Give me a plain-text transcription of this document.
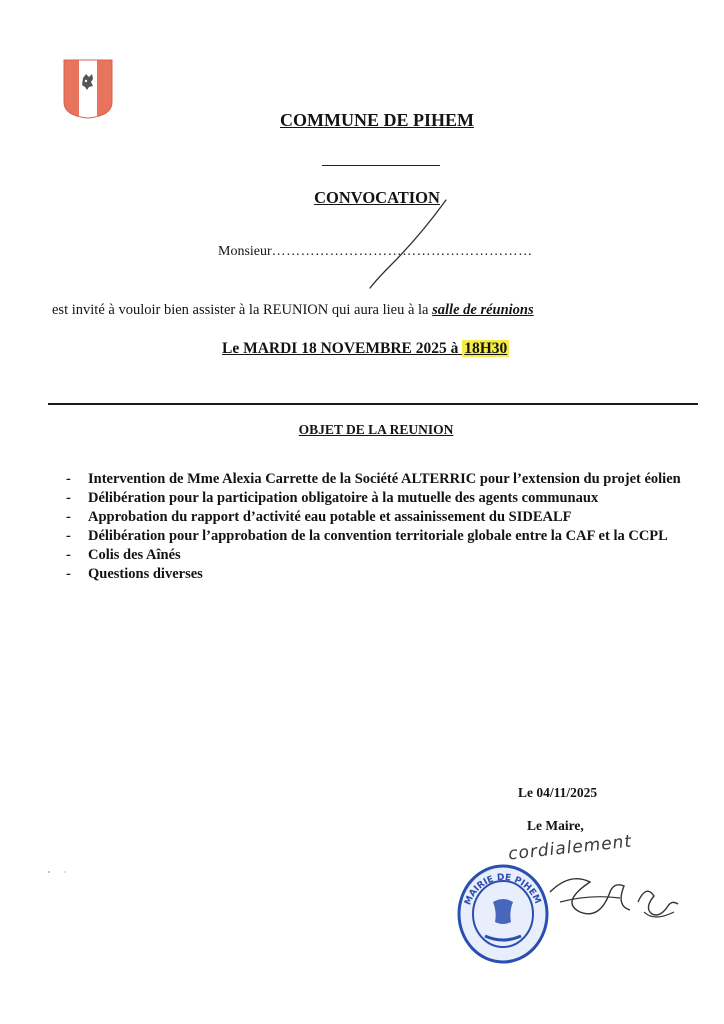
COMMUNE DE PIHEM
CONVOCATION
Monsieur………………………………………………
est invité à vouloir bien assister à la REUNION qui aura lieu à la salle de réunions
Le MARDI 18 NOVEMBRE 2025 à 18H30
OBJET DE LA REUNION
- Intervention de Mme Alexia Carrette de la Société ALTERRIC pour l’extension du projet éolien
- Délibération pour la participation obligatoire à la mutuelle des agents communaux
- Approbation du rapport d’activité eau potable et assainissement du SIDEALF
- Délibération pour l’approbation de la convention territoriale globale entre la CAF et la CCPL
- Colis des Aînés
- Questions diverses
Le 04/11/2025
Le Maire,
cordialement
MAIRIE DE PIHEM
